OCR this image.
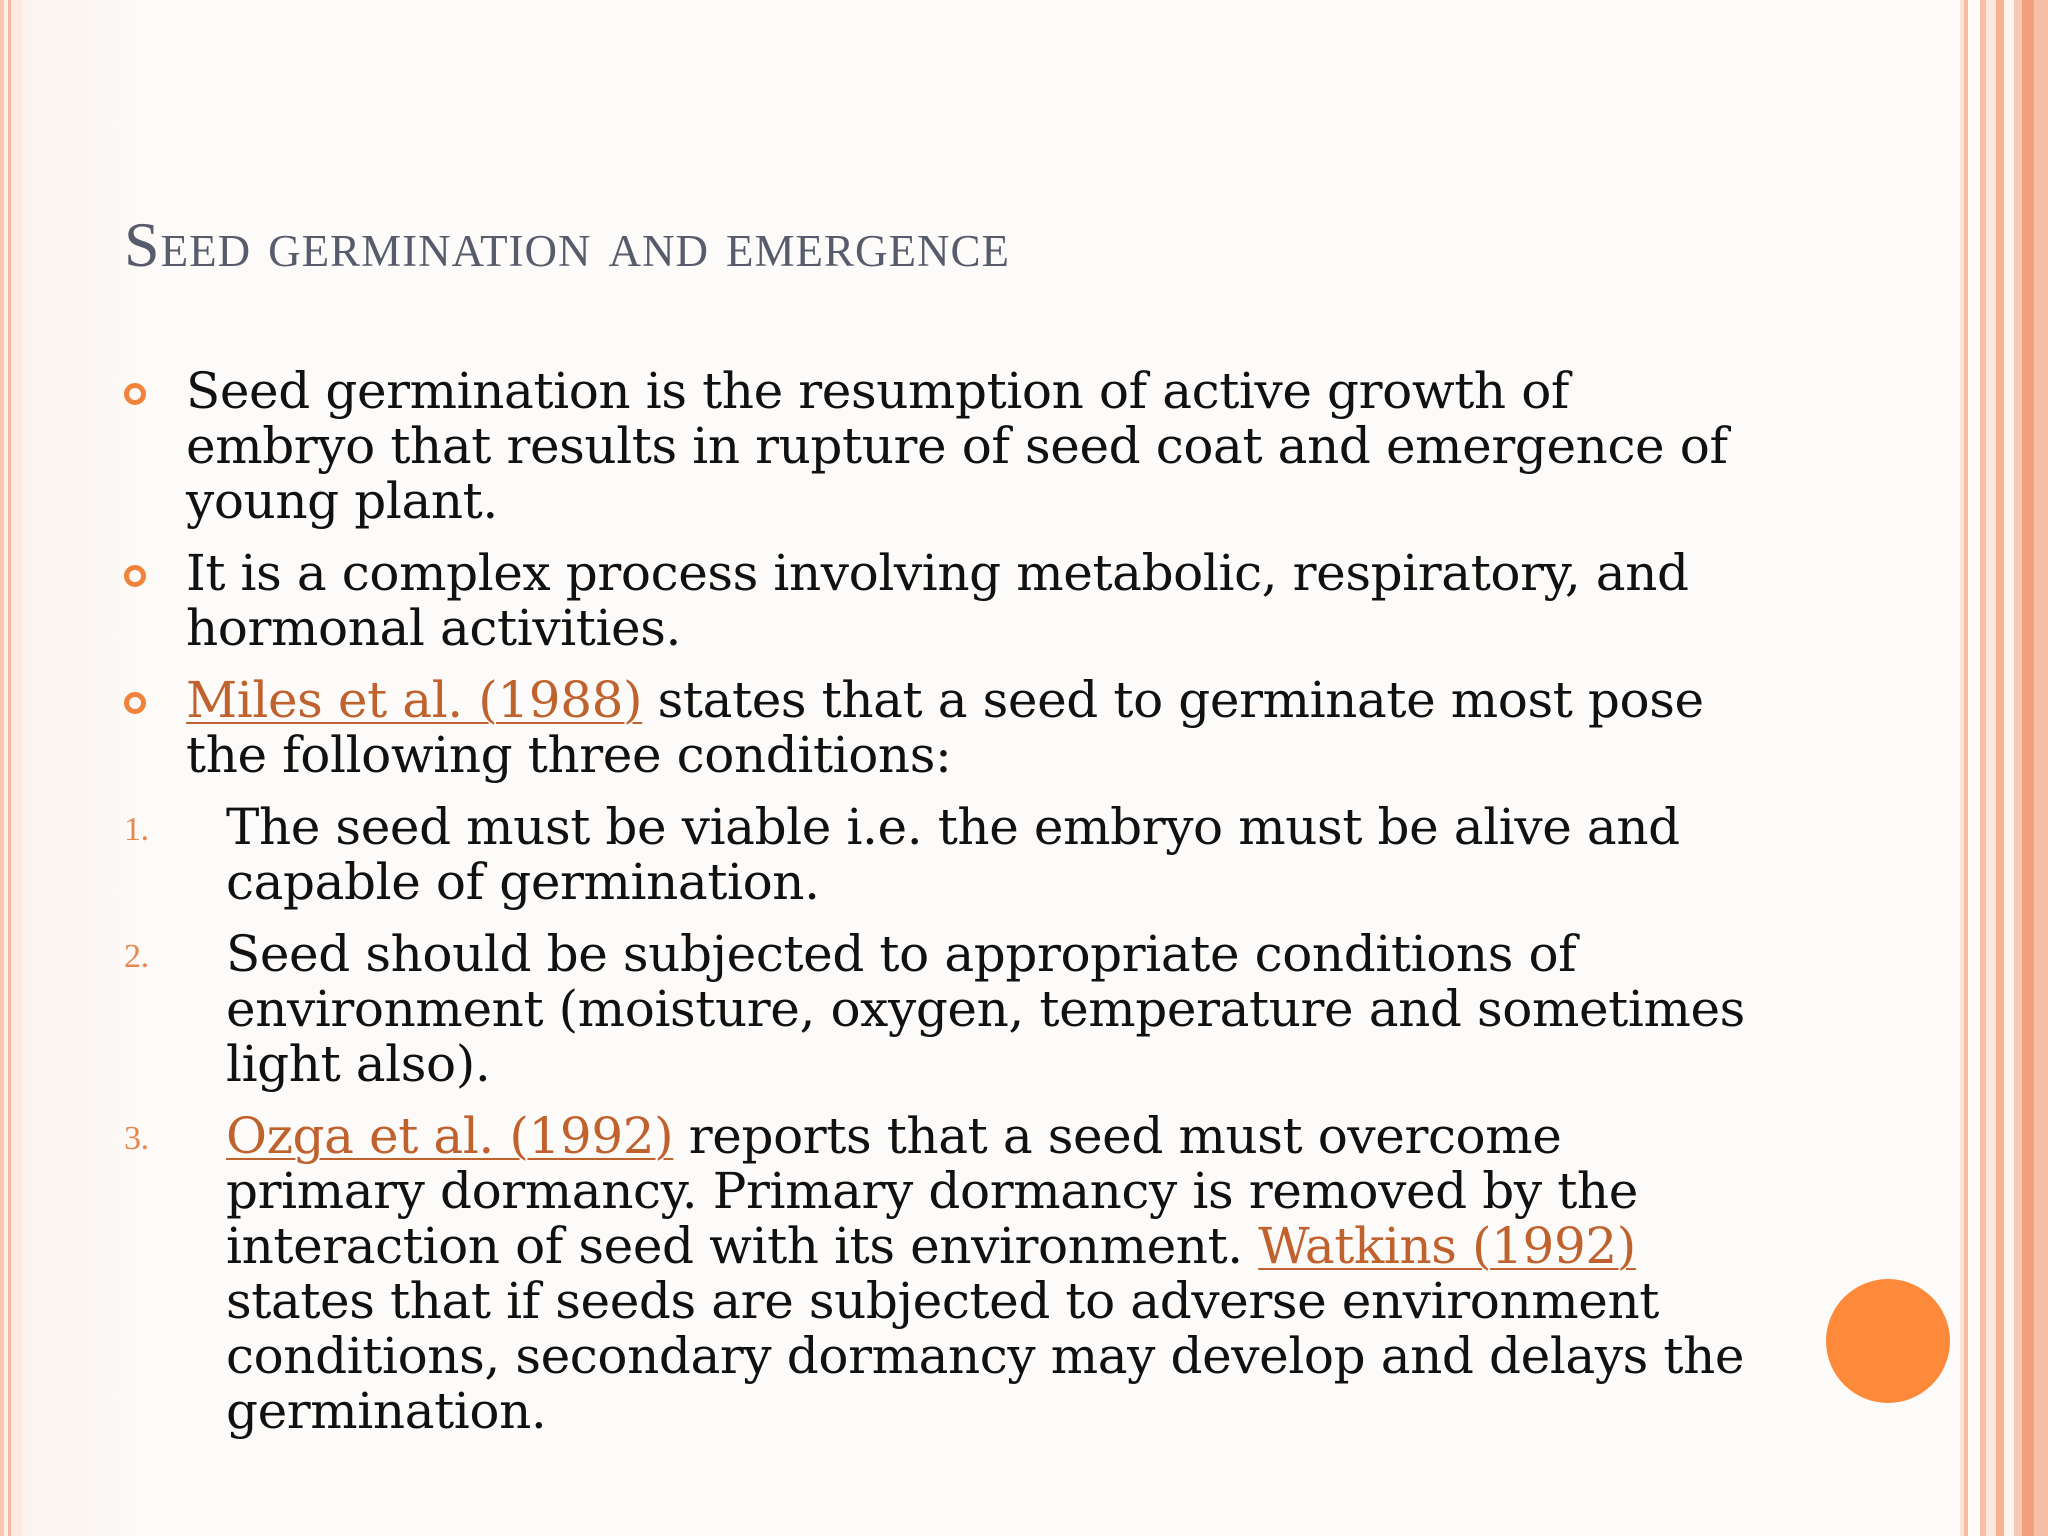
Seed germination and emergence
Seed germination is the resumption of active growth of embryo that results in rupture of seed coat and emergence of young plant.
It is a complex process involving metabolic, respiratory, and hormonal activities.
Miles et al. (1988) states that a seed to germinate most pose the following three conditions:
1. The seed must be viable i.e. the embryo must be alive and capable of germination.
2. Seed should be subjected to appropriate conditions of environment (moisture, oxygen, temperature and sometimes light also).
3. Ozga et al. (1992) reports that a seed must overcome primary dormancy. Primary dormancy is removed by the interaction of seed with its environment. Watkins (1992) states that if seeds are subjected to adverse environment conditions, secondary dormancy may develop and delays the germination.
